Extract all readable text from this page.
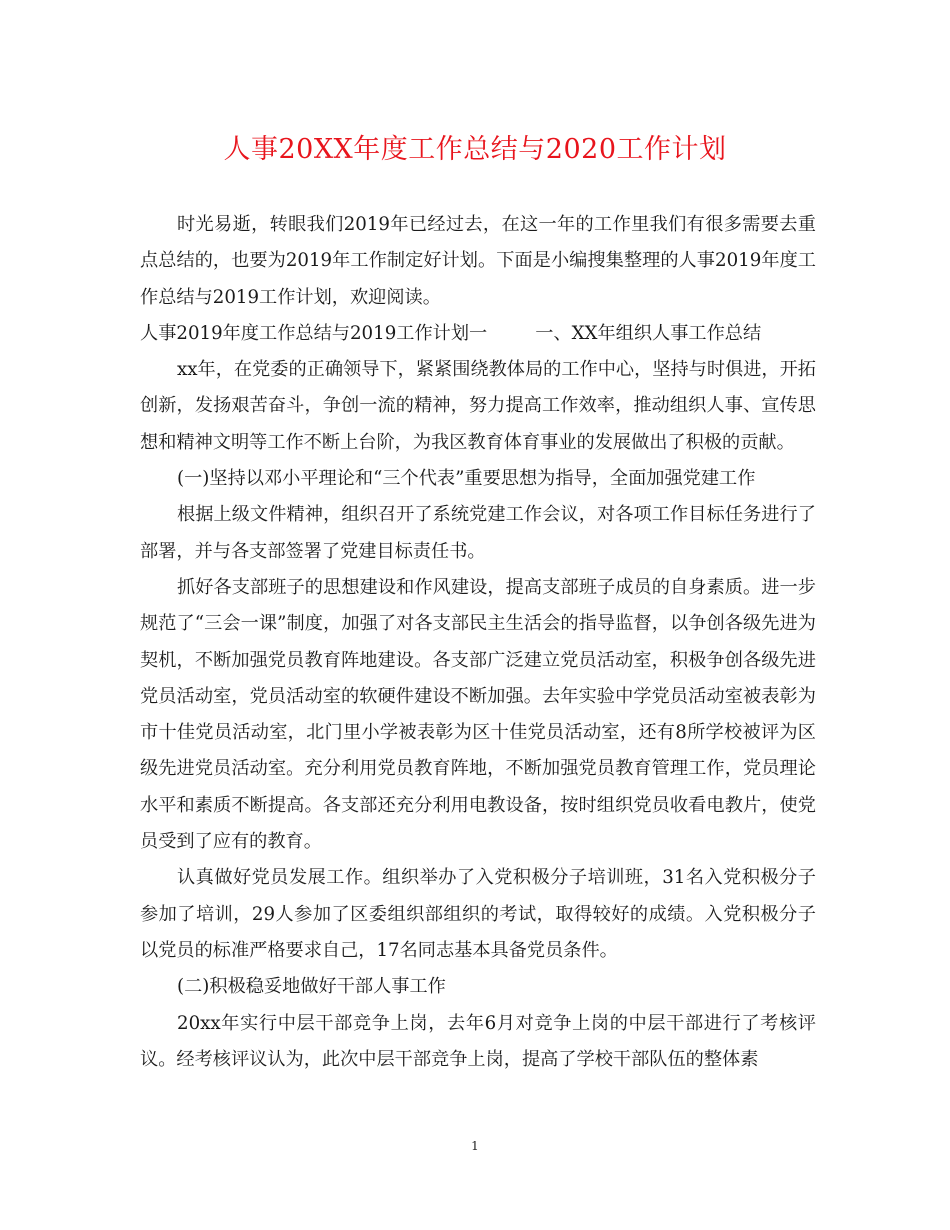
人事20XX年度工作总结与2020工作计划

时光易逝，转眼我们2019年已经过去，在这一年的工作里我们有很多需要去重点总结的，也要为2019年工作制定好计划。下面是小编搜集整理的人事2019年度工作总结与2019工作计划，欢迎阅读。

人事2019年度工作总结与2019工作计划一	一、XX年组织人事工作总结

xx年，在党委的正确领导下，紧紧围绕教体局的工作中心，坚持与时俱进，开拓创新，发扬艰苦奋斗，争创一流的精神，努力提高工作效率，推动组织人事、宣传思想和精神文明等工作不断上台阶，为我区教育体育事业的发展做出了积极的贡献。

(一)坚持以邓小平理论和“三个代表”重要思想为指导，全面加强党建工作

根据上级文件精神，组织召开了系统党建工作会议，对各项工作目标任务进行了部署，并与各支部签署了党建目标责任书。

抓好各支部班子的思想建设和作风建设，提高支部班子成员的自身素质。进一步规范了“三会一课”制度，加强了对各支部民主生活会的指导监督，以争创各级先进为契机，不断加强党员教育阵地建设。各支部广泛建立党员活动室，积极争创各级先进党员活动室，党员活动室的软硬件建设不断加强。去年实验中学党员活动室被表彰为市十佳党员活动室，北门里小学被表彰为区十佳党员活动室，还有8所学校被评为区级先进党员活动室。充分利用党员教育阵地，不断加强党员教育管理工作，党员理论水平和素质不断提高。各支部还充分利用电教设备，按时组织党员收看电教片，使党员受到了应有的教育。

认真做好党员发展工作。组织举办了入党积极分子培训班，31名入党积极分子参加了培训，29人参加了区委组织部组织的考试，取得较好的成绩。入党积极分子以党员的标准严格要求自己，17名同志基本具备党员条件。

(二)积极稳妥地做好干部人事工作

20xx年实行中层干部竞争上岗，去年6月对竞争上岗的中层干部进行了考核评议。经考核评议认为，此次中层干部竞争上岗，提高了学校干部队伍的整体素

1
